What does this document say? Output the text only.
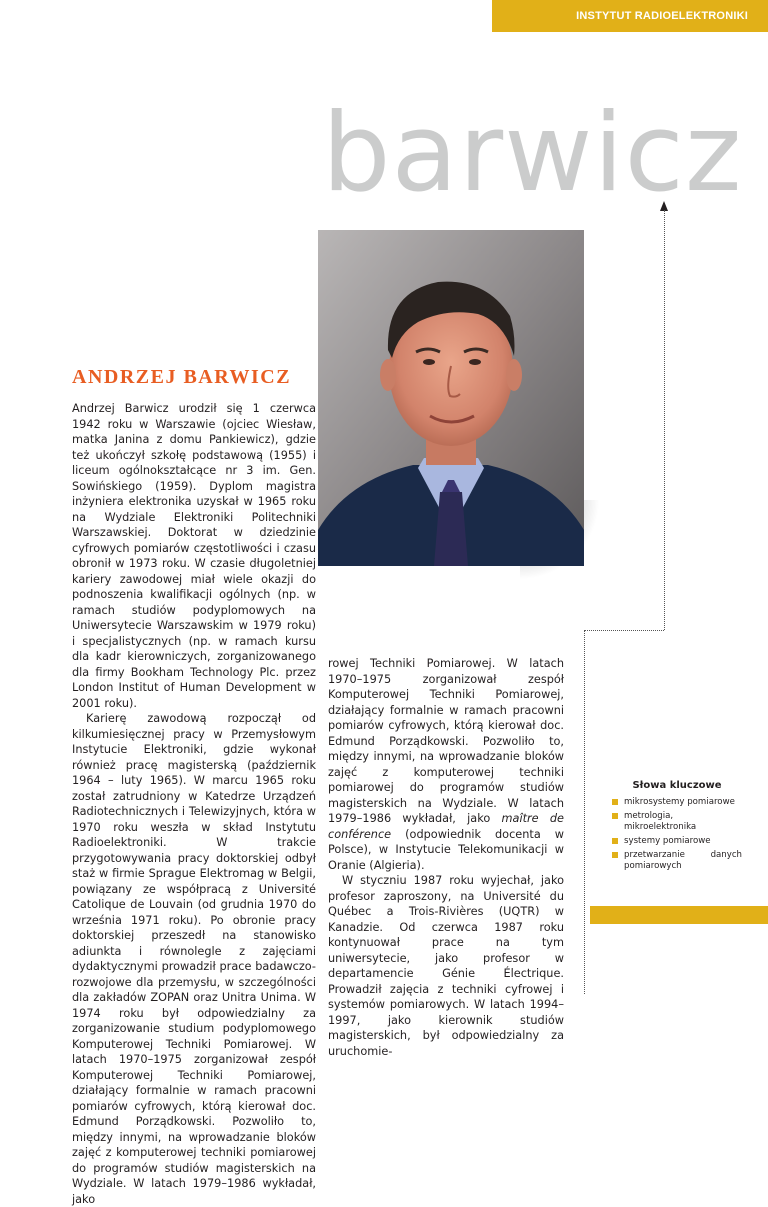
INSTYTUT RADIOELEKTRONIKI
barwicz
ANDRZEJ BARWICZ

Andrzej Barwicz urodził się 1 czerwca 1942 roku w Warszawie (ojciec Wiesław, matka Janina z domu Pankiewicz), gdzie też ukończył szkołę podstawową (1955) i liceum ogólnokształcące nr 3 im. Gen. Sowińskiego (1959). Dyplom magistra inżyniera elektronika uzyskał w 1965 roku na Wydziale Elektroniki Politechniki Warszawskiej. Doktorat w dziedzinie cyfrowych pomiarów częstotliwości i czasu obronił w 1973 roku. W czasie długoletniej kariery zawodowej miał wiele okazji do podnoszenia kwalifikacji ogólnych (np. w ramach studiów podyplomowych na Uniwersytecie Warszawskim w 1979 roku) i specjalistycznych (np. w ramach kursu dla kadr kierowniczych, zorganizowanego dla firmy Bookham Technology Plc. przez London Institut of Human Development w 2001 roku).

Karierę zawodową rozpoczął od kilkumiesięcznej pracy w Przemysłowym Instytucie Elektroniki, gdzie wykonał również pracę magisterską (październik 1964 – luty 1965). W marcu 1965 roku został zatrudniony w Katedrze Urządzeń Radiotechnicznych i Telewizyjnych, która w 1970 roku weszła w skład Instytutu Radioelektroniki. W trakcie przygotowywania pracy doktorskiej odbył staż w firmie Sprague Elektromag w Belgii, powiązany ze współpracą z Université Catolique de Louvain (od grudnia 1970 do września 1971 roku). Po obronie pracy doktorskiej przeszedł na stanowisko adiunkta i równolegle z zajęciami dydaktycznymi prowadził prace badawczo-rozwojowe dla przemysłu, w szczególności dla zakładów ZOPAN oraz Unitra Unima. W 1974 roku był odpowiedzialny za zorganizowanie studium podyplomowego Komputerowej Techniki Pomiarowej. W latach 1970–1975 zorganizował zespół Komputerowej Techniki Pomiarowej, działający formalnie w ramach pracowni pomiarów cyfrowych, którą kierował doc. Edmund Porządkowski. Pozwoliło to, między innymi, na wprowadzanie bloków zajęć z komputerowej techniki pomiarowej do programów studiów magisterskich na Wydziale. W latach 1979–1986 wykładał, jako

rowej Techniki Pomiarowej. W latach 1970–1975 zorganizował zespół Komputerowej Techniki Pomiarowej, działający formalnie w ramach pracowni pomiarów cyfrowych, którą kierował doc. Edmund Porządkowski. Pozwoliło to, między innymi, na wprowadzanie bloków zajęć z komputerowej techniki pomiarowej do programów studiów magisterskich na Wydziale. W latach 1979–1986 wykładał, jako maître de conférence (odpowiednik docenta w Polsce), w Instytucie Telekomunikacji w Oranie (Algieria).

W styczniu 1987 roku wyjechał, jako profesor zaproszony, na Université du Québec a Trois-Rivières (UQTR) w Kanadzie. Od czerwca 1987 roku kontynuował prace na tym uniwersytecie, jako profesor w departamencie Génie Électrique. Prowadził zajęcia z techniki cyfrowej i systemów pomiarowych. W latach 1994–1997, jako kierownik studiów magisterskich, był odpowiedzialny za uruchomie-

Słowa kluczowe
mikrosystemy pomiarowe
metrologia, mikroelektronika
systemy pomiarowe
przetwarzanie danych pomiarowych
